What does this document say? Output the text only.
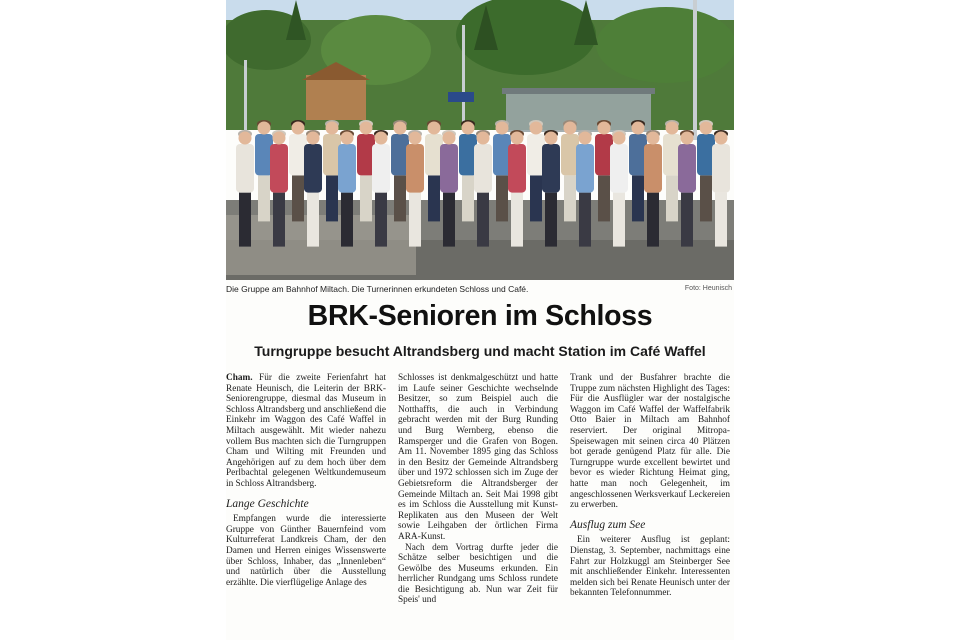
Die Gruppe am Bahnhof Miltach. Die Turnerinnen erkundeten Schloss und Café.	Foto: Heunisch
BRK-Senioren im Schloss
Turngruppe besucht Altrandsberg und macht Station im Café Waffel

Cham. Für die zweite Ferienfahrt hat Renate Heunisch, die Leiterin der BRK-Seniorengruppe, diesmal das Museum in Schloss Altrandsberg und anschließend die Einkehr im Waggon des Café Waffel in Miltach ausgewählt. Mit wieder nahezu vollem Bus machten sich die Turngruppen Cham und Wilting mit Freunden und Angehörigen auf zu dem hoch über dem Perlbachtal gelegenen Weltkundemuseum in Schloss Altrandsberg.

Lange Geschichte

Empfangen wurde die interessierte Gruppe von Günther Bauernfeind vom Kulturreferat Landkreis Cham, der den Damen und Herren einiges Wissenswerte über Schloss, Inhaber, das „Innenleben“ und natürlich über die Ausstellung erzählte. Die vierflügelige Anlage des

Schlosses ist denkmalgeschützt und hatte im Laufe seiner Geschichte wechselnde Besitzer, so zum Beispiel auch die Notthaffts, die auch in Verbindung gebracht werden mit der Burg Runding und Burg Wernberg, ebenso die Ramsperger und die Grafen von Bogen. Am 11. November 1895 ging das Schloss in den Besitz der Gemeinde Altrandsberg über und 1972 schlossen sich im Zuge der Gebietsreform die Altrandsberger der Gemeinde Miltach an. Seit Mai 1998 gibt es im Schloss die Ausstellung mit Kunst-Replikaten aus den Museen der Welt sowie Leihgaben der örtlichen Firma ARA-Kunst.

Nach dem Vortrag durfte jeder die Schätze selber besichtigen und die Gewölbe des Museums erkunden. Ein herrlicher Rundgang ums Schloss rundete die Besichtigung ab. Nun war Zeit für Speis' und

Trank und der Busfahrer brachte die Truppe zum nächsten Highlight des Tages: Für die Ausflügler war der nostalgische Waggon im Café Waffel der Waffelfabrik Otto Baier in Miltach am Bahnhof reserviert. Der original Mitropa-Speisewagen mit seinen circa 40 Plätzen bot gerade genügend Platz für alle. Die Turngruppe wurde excellent bewirtet und bevor es wieder Richtung Heimat ging, hatte man noch Gelegenheit, im angeschlossenen Werksverkauf Leckereien zu erwerben.

Ausflug zum See

Ein weiterer Ausflug ist geplant: Dienstag, 3. September, nachmittags eine Fahrt zur Holzkuggl am Steinberger See mit anschließender Einkehr. Interessenten melden sich bei Renate Heunisch unter der bekannten Telefonnummer.
